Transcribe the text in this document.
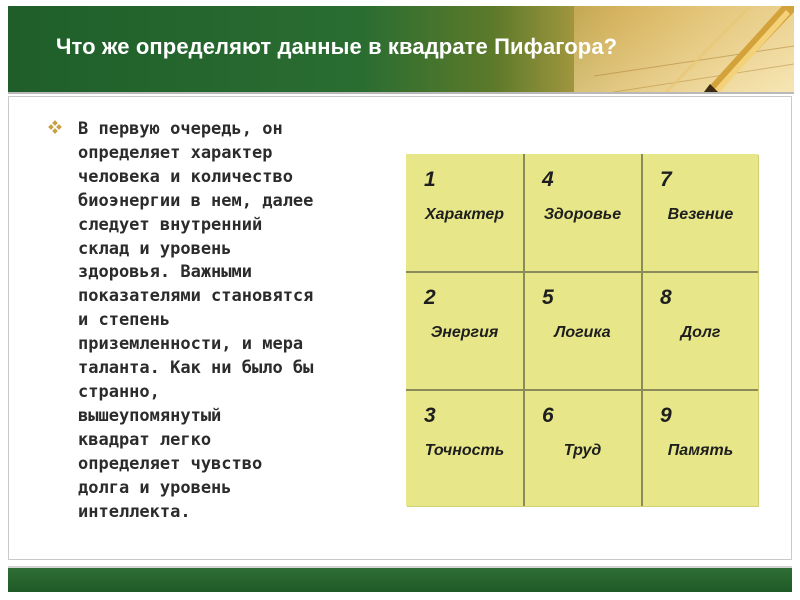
Что же определяют данные в квадрате Пифагора?
В первую очередь, он
определяет характер
человека и количество
биоэнергии в нем, далее
следует внутренний
склад и уровень
здоровья. Важными
показателями становятся
и степень
приземленности, и мера
таланта. Как ни было бы
странно,
вышеупомянутый
квадрат легко
определяет чувство
долга и уровень
интеллекта.
1
Характер
4
Здоровье
7
Везение
2
Энергия
5
Логика
8
Долг
3
Точность
6
Труд
9
Память
